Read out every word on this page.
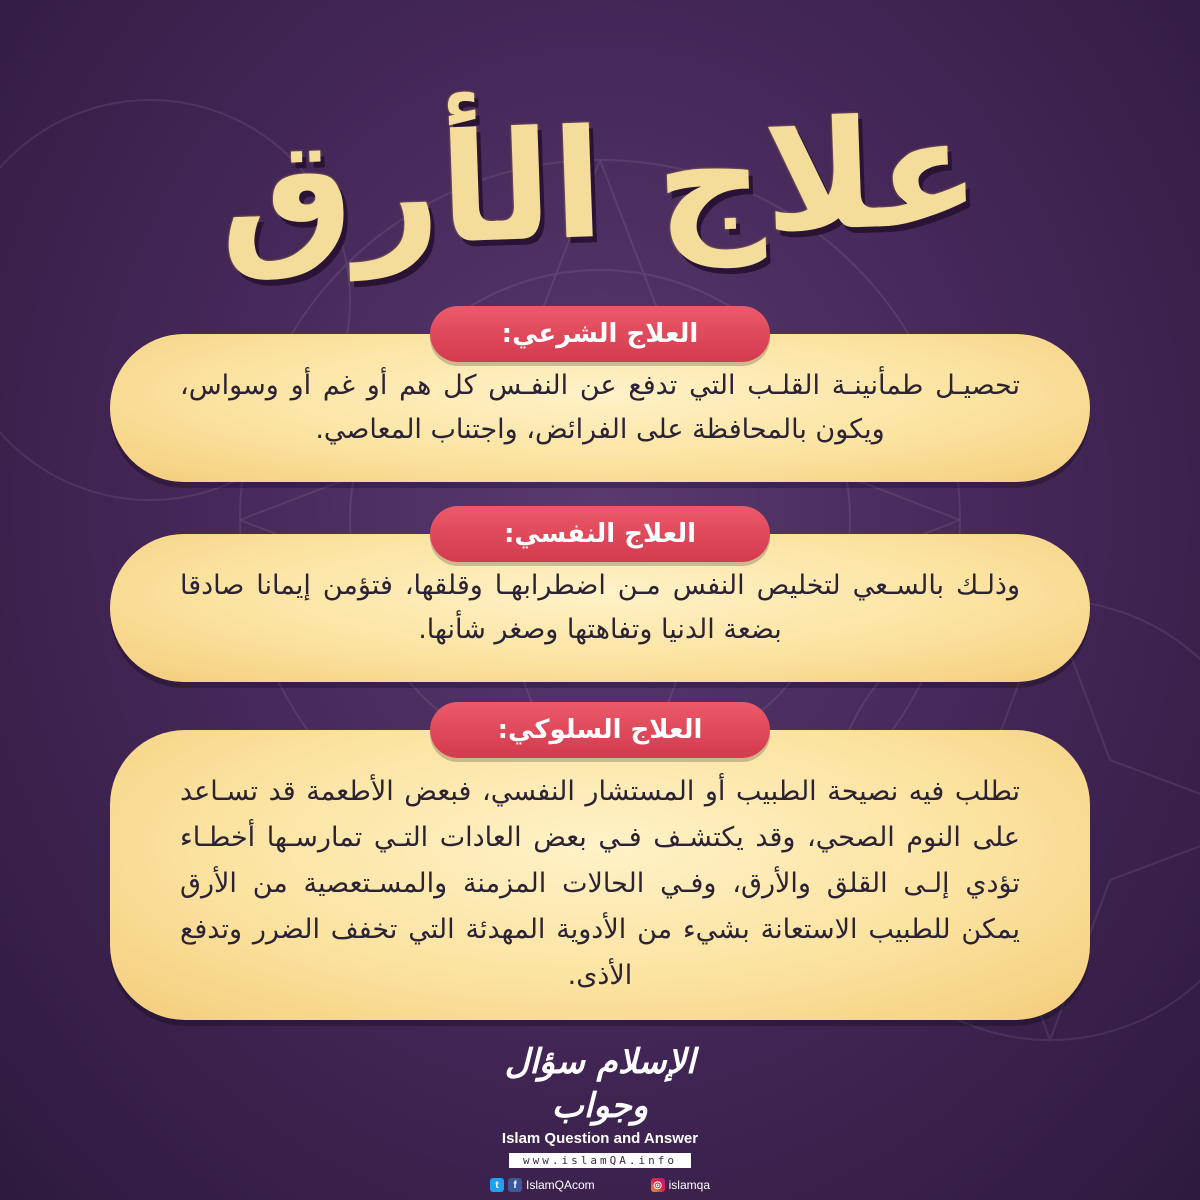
علاج الأرق
تحصيـل طمأنينـة القلـب التي تدفع عن النفـس كل هم أو غم أو وسواس، ويكون بالمحافظة على الفرائض، واجتناب المعاصي.
العلاج الشرعي:
وذلـك بالسـعي لتخليص النفس مـن اضطرابهـا وقلقها، فتؤمن إيمانا صادقا بضعة الدنيا وتفاهتها وصغر شأنها.
العلاج النفسي:
تطلب فيه نصيحة الطبيب أو المستشار النفسي، فبعض الأطعمة قد تسـاعد على النوم الصحي، وقد يكتشـف فـي بعض العادات التـي تمارسـها أخطـاء تؤدي إلـى القلق والأرق، وفـي الحالات المزمنة والمسـتعصية من الأرق يمكن للطبيب الاستعانة بشيء من الأدوية المهدئة التي تخفف الضرر وتدفع الأذى.
العلاج السلوكي:
الإسلام سؤال وجواب
Islam Question and Answer
www.islamQA.info
t	f IslamQAcom	◎ islamqa
